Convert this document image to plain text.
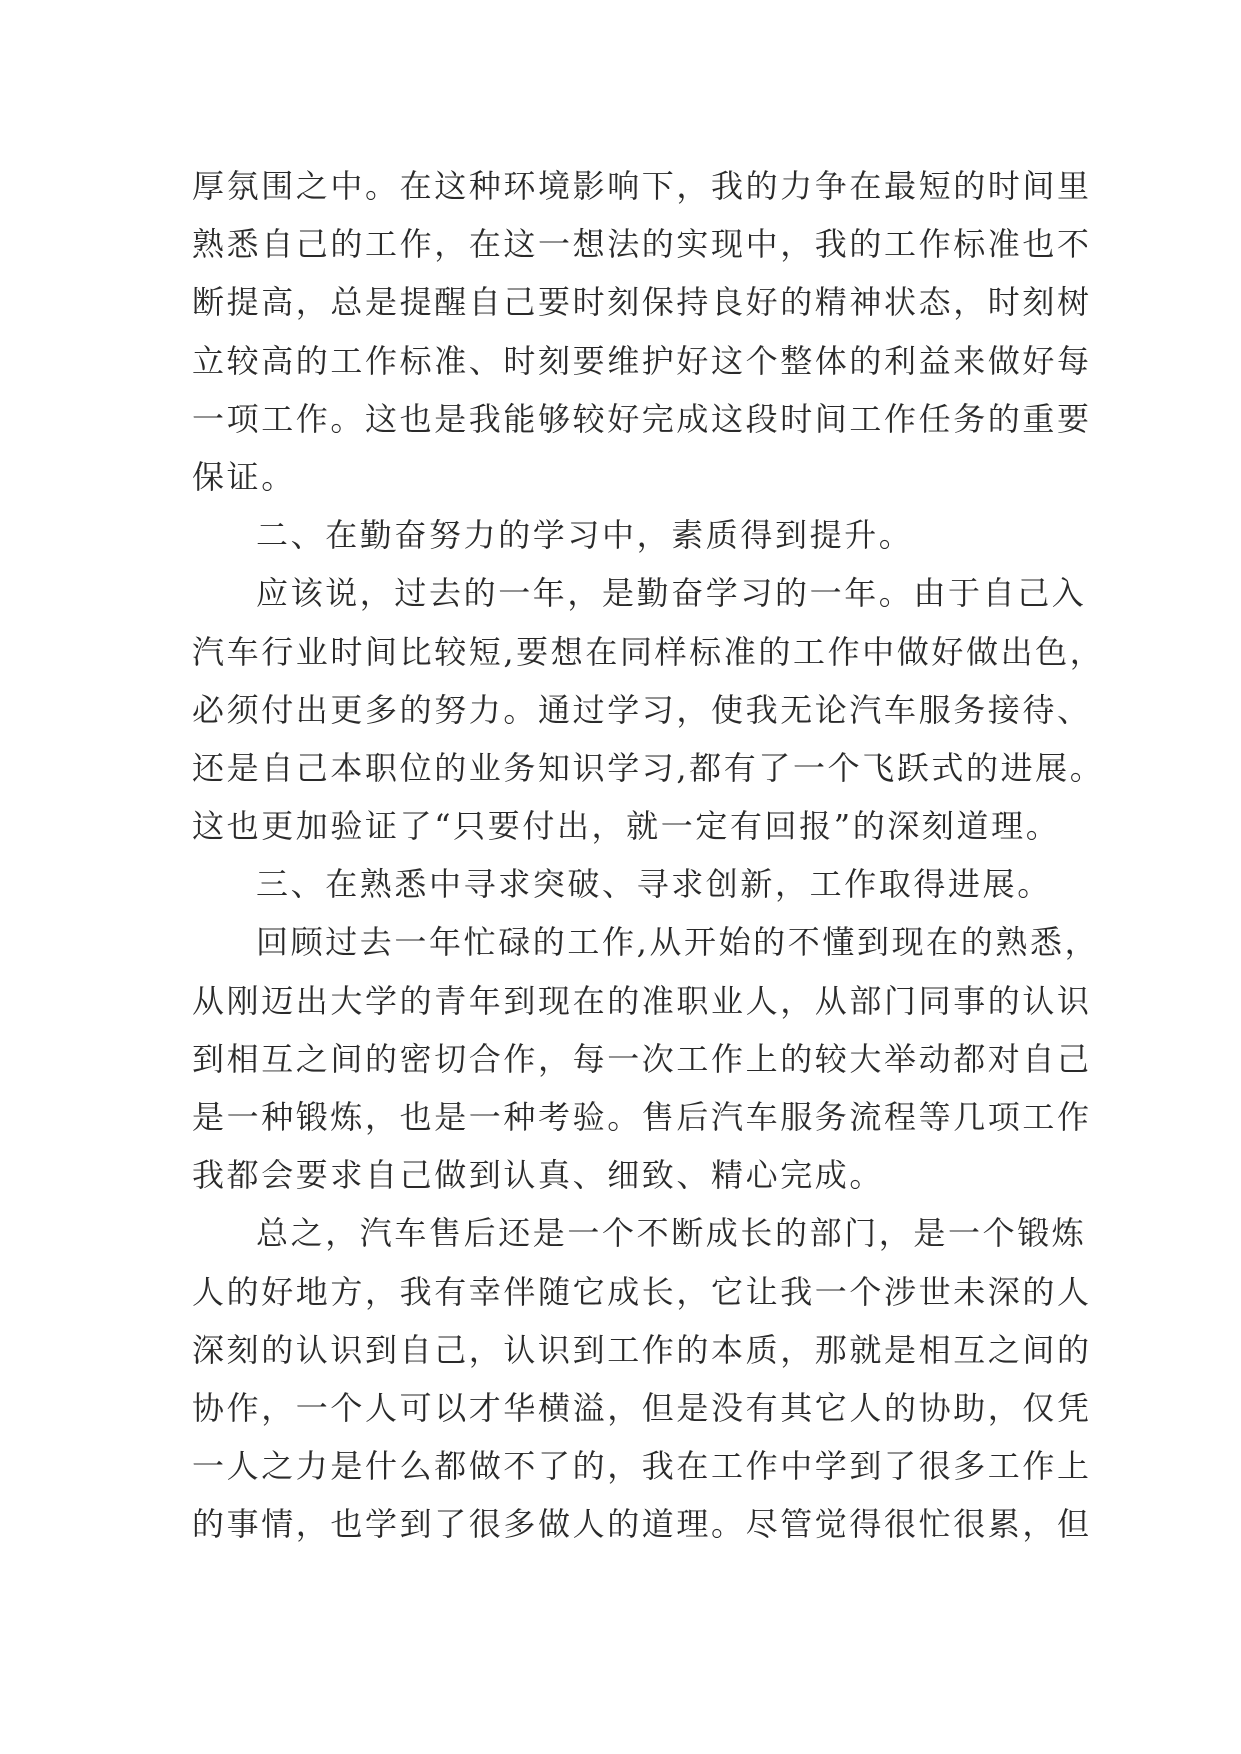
厚氛围之中。在这种环境影响下，我的力争在最短的时间里
熟悉自己的工作，在这一想法的实现中，我的工作标准也不
断提高，总是提醒自己要时刻保持良好的精神状态，时刻树
立较高的工作标准、时刻要维护好这个整体的利益来做好每
一项工作。这也是我能够较好完成这段时间工作任务的重要
保证。
二、在勤奋努力的学习中，素质得到提升。
应该说，过去的一年，是勤奋学习的一年。由于自己入
汽车行业时间比较短,要想在同样标准的工作中做好做出色，
必须付出更多的努力。通过学习，使我无论汽车服务接待、
还是自己本职位的业务知识学习,都有了一个飞跃式的进展。
这也更加验证了“只要付出，就一定有回报”的深刻道理。
三、在熟悉中寻求突破、寻求创新，工作取得进展。
回顾过去一年忙碌的工作,从开始的不懂到现在的熟悉，
从刚迈出大学的青年到现在的准职业人，从部门同事的认识
到相互之间的密切合作，每一次工作上的较大举动都对自己
是一种锻炼，也是一种考验。售后汽车服务流程等几项工作
我都会要求自己做到认真、细致、精心完成。
总之，汽车售后还是一个不断成长的部门，是一个锻炼
人的好地方，我有幸伴随它成长，它让我一个涉世未深的人
深刻的认识到自己，认识到工作的本质，那就是相互之间的
协作，一个人可以才华横溢，但是没有其它人的协助，仅凭
一人之力是什么都做不了的，我在工作中学到了很多工作上
的事情，也学到了很多做人的道理。尽管觉得很忙很累，但
